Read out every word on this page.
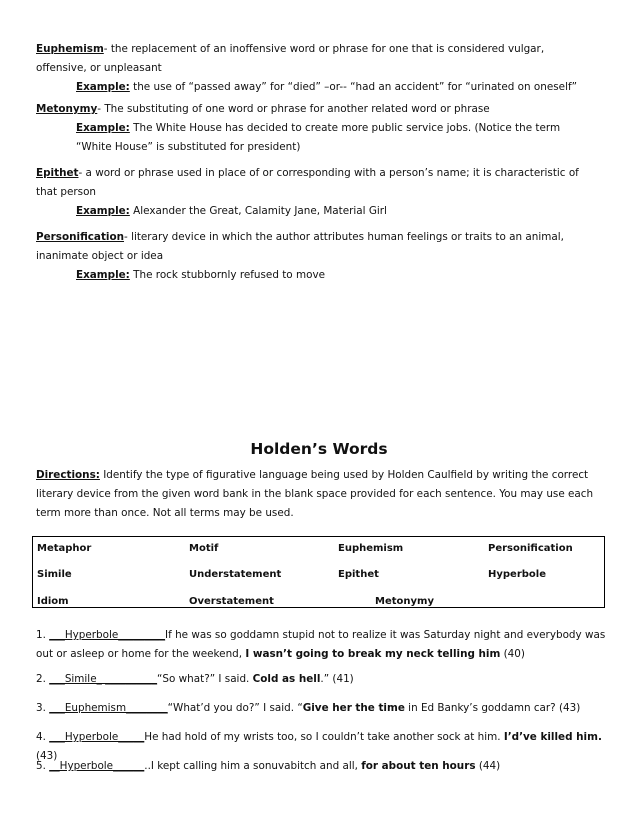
Euphemism- the replacement of an inoffensive word or phrase for one that is considered vulgar,
offensive, or unpleasant
Example: the use of “passed away” for “died” –or-- “had an accident” for “urinated on oneself”
Metonymy- The substituting of one word or phrase for another related word or phrase
Example: The White House has decided to create more public service jobs. (Notice the term
“White House” is substituted for president)
Epithet- a word or phrase used in place of or corresponding with a person’s name; it is characteristic of
that person
Example: Alexander the Great, Calamity Jane, Material Girl
Personification- literary device in which the author attributes human feelings or traits to an animal,
inanimate object or idea
Example: The rock stubbornly refused to move
Holden’s Words
Directions: Identify the type of figurative language being used by Holden Caulfield by writing the correct literary device from the given word bank in the blank space provided for each sentence. You may use each term more than once. Not all terms may be used.
Metaphor	Motif	Euphemism	Personification
Simile	Understatement	Epithet	Hyperbole
Idiom	Overstatement	Metonymy
1. ___Hyperbole_________If he was so goddamn stupid not to realize it was Saturday night and everybody was out or asleep or home for the weekend, I wasn’t going to break my neck telling him (40)
2. ___Simile_ __________“So what?” I said. Cold as hell.” (41)
3. ___Euphemism________“What’d you do?” I said. “Give her the time in Ed Banky’s goddamn car? (43)
4. ___Hyperbole_____He had hold of my wrists too, so I couldn’t take another sock at him. I’d’ve killed him. (43)
5. __Hyperbole______..I kept calling him a sonuvabitch and all, for about ten hours (44)
